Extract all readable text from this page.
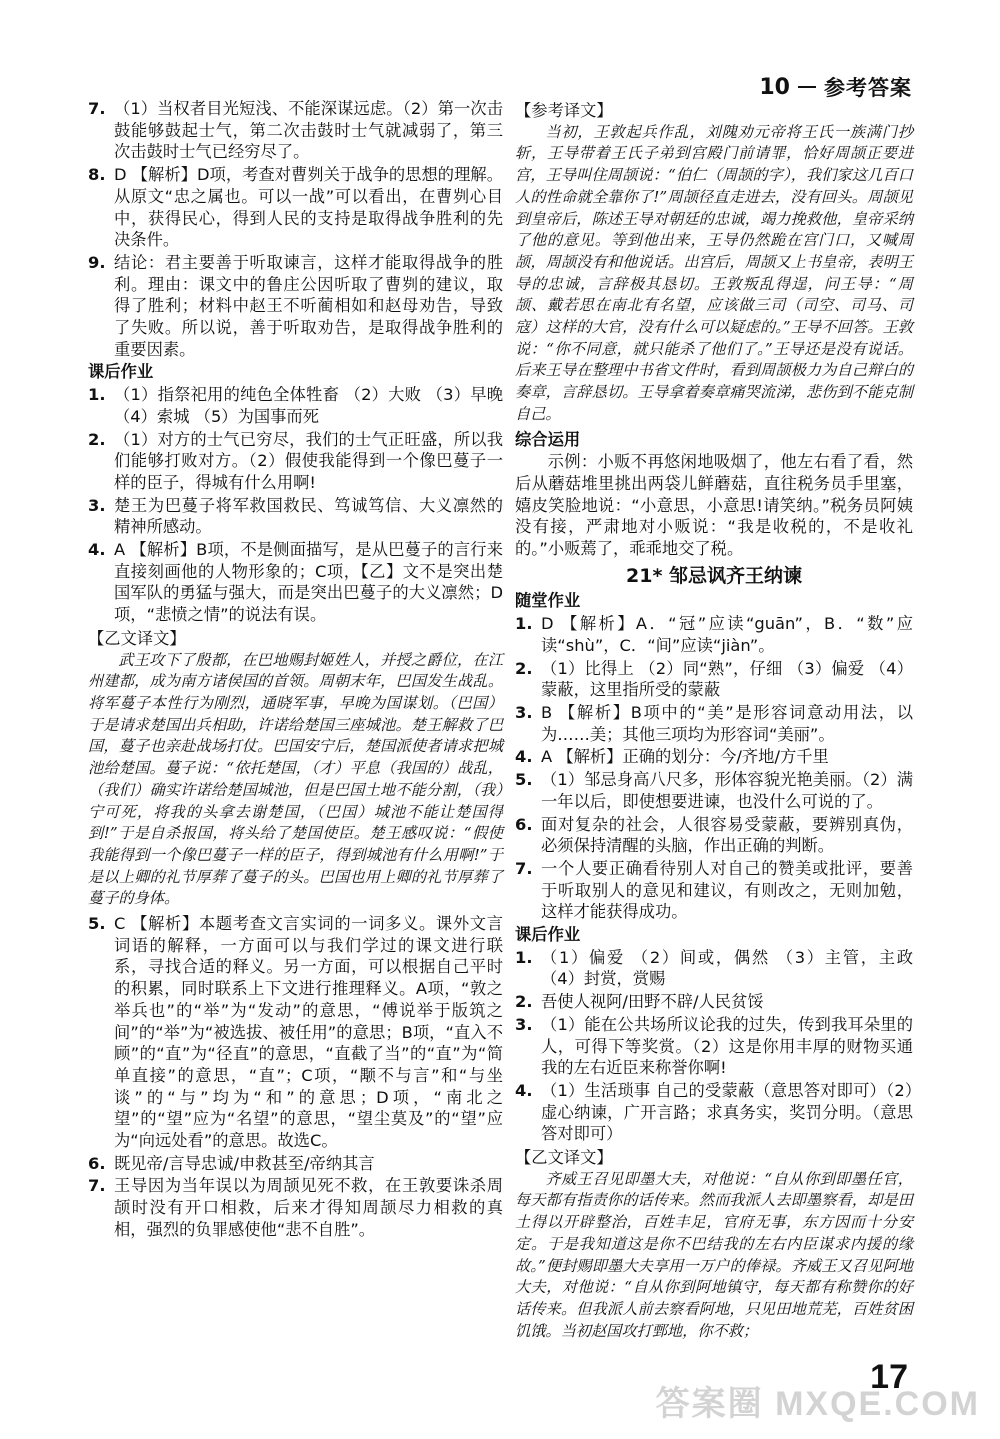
10 参考答案
7. （1）当权者目光短浅、不能深谋远虑。（2）第一次击鼓能够鼓起士气，第二次击鼓时士气就减弱了，第三次击鼓时士气已经穷尽了。
8. D 【解析】D项，考查对曹刿关于战争的思想的理解。从原文“忠之属也。可以一战”可以看出，在曹刿心目中，获得民心，得到人民的支持是取得战争胜利的先决条件。
9. 结论：君主要善于听取谏言，这样才能取得战争的胜利。理由：课文中的鲁庄公因听取了曹刿的建议，取得了胜利；材料中赵王不听蔺相如和赵母劝告，导致了失败。所以说，善于听取劝告，是取得战争胜利的重要因素。
课后作业
1. （1）指祭祀用的纯色全体牲畜 （2）大败 （3）早晚 （4）索城 （5）为国事而死
2. （1）对方的士气已穷尽，我们的士气正旺盛，所以我们能够打败对方。（2）假使我能得到一个像巴蔓子一样的臣子，得城有什么用啊!
3. 楚王为巴蔓子将军救国救民、笃诚笃信、大义凛然的精神所感动。
4. A 【解析】B项，不是侧面描写，是从巴蔓子的言行来直接刻画他的人物形象的；C项，【乙】文不是突出楚国军队的勇猛与强大，而是突出巴蔓子的大义凛然；D项，“悲愤之情”的说法有误。
【乙文译文】

武王攻下了殷都，在巴地赐封姬姓人，并授之爵位，在江州建都，成为南方诸侯国的首领。周朝末年，巴国发生战乱。将军蔓子本性行为刚烈，通晓军事，早晚为国谋划。（巴国）于是请求楚国出兵相助，许诺给楚国三座城池。楚王解救了巴国，蔓子也亲赴战场打仗。巴国安宁后，楚国派使者请求把城池给楚国。蔓子说：“依托楚国，（才）平息（我国的）战乱，（我们）确实许诺给楚国城池，但是巴国土地不能分割，（我）宁可死，将我的头拿去谢楚国，（巴国）城池不能让楚国得到!”于是自杀报国，将头给了楚国使臣。楚王感叹说：“假使我能得到一个像巴蔓子一样的臣子，得到城池有什么用啊!”于是以上卿的礼节厚葬了蔓子的头。巴国也用上卿的礼节厚葬了蔓子的身体。

5. C 【解析】本题考查文言实词的一词多义。课外文言词语的解释，一方面可以与我们学过的课文进行联系，寻找合适的释义。另一方面，可以根据自己平时的积累，同时联系上下文进行推理释义。A项，“敦之举兵也”的“举”为“发动”的意思，“傅说举于版筑之间”的“举”为“被选拔、被任用”的意思；B项，“直入不顾”的“直”为“径直”的意思，“直截了当”的“直”为“简单直接”的意思，“直”；C项，“颙不与言”和“与坐谈”的“与”均为“和”的意思；D项，“南北之望”的“望”应为“名望”的意思，“望尘莫及”的“望”应为“向远处看”的意思。故选C。
6. 既见帝/言导忠诚/申救甚至/帝纳其言
7. 王导因为当年误以为周颉见死不救，在王敦要诛杀周颉时没有开口相救，后来才得知周颉尽力相救的真相，强烈的负罪感使他“悲不自胜”。
【参考译文】

当初，王敦起兵作乱，刘隗劝元帝将王氏一族满门抄斩，王导带着王氏子弟到宫殿门前请罪，恰好周颉正要进宫，王导叫住周颉说：“伯仁（周颉的字），我们家这几百口人的性命就全靠你了!”周颉径直走进去，没有回头。周颉见到皇帝后，陈述王导对朝廷的忠诚，竭力挽救他，皇帝采纳了他的意见。等到他出来，王导仍然跪在宫门口，又喊周颉，周颉没有和他说话。出宫后，周颉又上书皇帝，表明王导的忠诚，言辞极其恳切。王敦叛乱得逞，问王导：“周颉、戴若思在南北有名望，应该做三司（司空、司马、司寇）这样的大官，没有什么可以疑虑的。”王导不回答。王敦说：“你不同意，就只能杀了他们了。”王导还是没有说话。后来王导在整理中书省文件时，看到周颉极力为自己辩白的奏章，言辞恳切。王导拿着奏章痛哭流涕，悲伤到不能克制自己。

综合运用

示例：小贩不再悠闲地吸烟了，他左右看了看，然后从蘑菇堆里挑出两袋儿鲜蘑菇，直往税务员手里塞，嬉皮笑脸地说：“小意思，小意思!请笑纳。”税务员阿姨没有接，严肃地对小贩说：“我是收税的，不是收礼的。”小贩蔫了，乖乖地交了税。

21* 邹忌讽齐王纳谏
随堂作业
1. D 【解析】A．“冠”应读“guān”，B．“数”应读“shù”，C．“间”应读“jiàn”。
2. （1）比得上 （2）同“熟”，仔细 （3）偏爱 （4）蒙蔽，这里指所受的蒙蔽
3. B 【解析】B项中的“美”是形容词意动用法，以为……美；其他三项均为形容词“美丽”。
4. A 【解析】正确的划分：今/齐地/方千里
5. （1）邹忌身高八尺多，形体容貌光艳美丽。（2）满一年以后，即使想要进谏，也没什么可说的了。
6. 面对复杂的社会，人很容易受蒙蔽，要辨别真伪，必须保持清醒的头脑，作出正确的判断。
7. 一个人要正确看待别人对自己的赞美或批评，要善于听取别人的意见和建议，有则改之，无则加勉，这样才能获得成功。
课后作业
1. （1）偏爱 （2）间或，偶然 （3）主管，主政 （4）封赏，赏赐
2. 吾使人视阿/田野不辟/人民贫馁
3. （1）能在公共场所议论我的过失，传到我耳朵里的人，可得下等奖赏。（2）这是你用丰厚的财物买通我的左右近臣来称誉你啊!
4. （1）生活琐事 自己的受蒙蔽（意思答对即可）（2）虚心纳谏，广开言路；求真务实，奖罚分明。（意思答对即可）
【乙文译文】

齐威王召见即墨大夫，对他说：“自从你到即墨任官，每天都有指责你的话传来。然而我派人去即墨察看，却是田土得以开辟整治，百姓丰足，官府无事，东方因而十分安定。于是我知道这是你不巴结我的左右内臣谋求内援的缘故。”便封赐即墨大夫享用一万户的俸禄。齐威王又召见阿地大夫，对他说：“自从你到阿地镇守，每天都有称赞你的好话传来。但我派人前去察看阿地，只见田地荒芜，百姓贫困饥饿。当初赵国攻打鄄地，你不救；

17
答案圈 MXQE.COM
